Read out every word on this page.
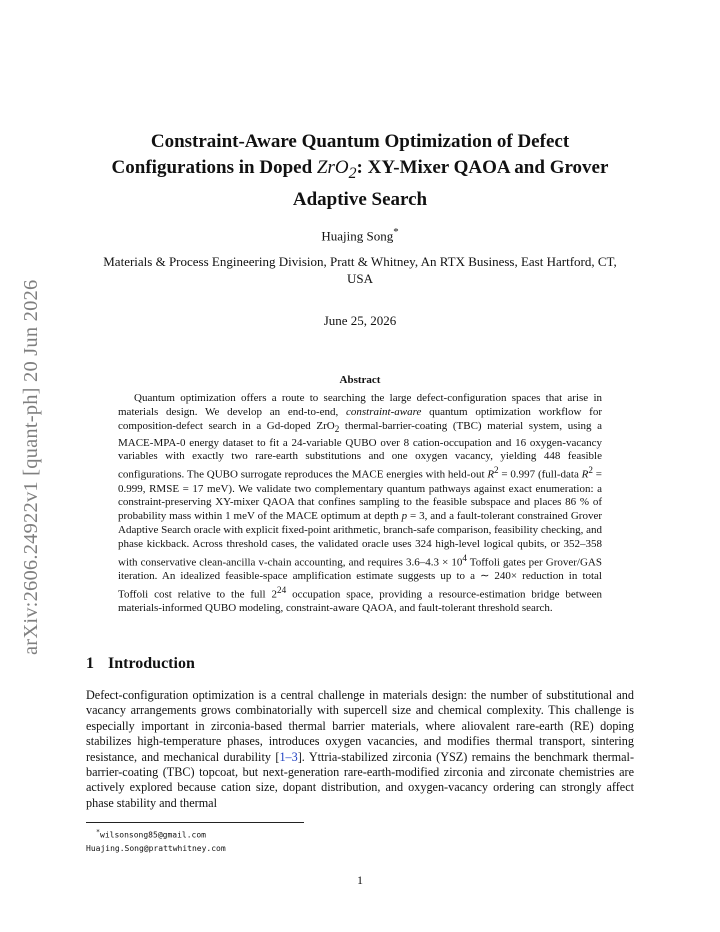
arXiv:2606.24922v1 [quant-ph] 20 Jun 2026
Constraint-Aware Quantum Optimization of Defect Configurations in Doped ZrO$_2$: XY-Mixer QAOA and Grover Adaptive Search
Huajing Song*
Materials & Process Engineering Division, Pratt & Whitney, An RTX Business, East Hartford, CT, USA
June 25, 2026
Abstract

Quantum optimization offers a route to searching the large defect-configuration spaces that arise in materials design. We develop an end-to-end, constraint-aware quantum optimization workflow for composition-defect search in a Gd-doped ZrO$_2$ thermal-barrier-coating (TBC) material system, using a MACE-MPA-0 energy dataset to fit a 24-variable QUBO over 8 cation-occupation and 16 oxygen-vacancy variables with exactly two rare-earth substitutions and one oxygen vacancy, yielding 448 feasible configurations. The QUBO surrogate reproduces the MACE energies with held-out $R^2 = 0.997$ (full-data $R^2 = 0.999$, RMSE = 17 meV). We validate two complementary quantum pathways against exact enumeration: a constraint-preserving XY-mixer QAOA that confines sampling to the feasible subspace and places 86 % of probability mass within 1 meV of the MACE optimum at depth p = 3, and a fault-tolerant constrained Grover Adaptive Search oracle with explicit fixed-point arithmetic, branch-safe comparison, feasibility checking, and phase kickback. Across threshold cases, the validated oracle uses 324 high-level logical qubits, or 352–358 with conservative clean-ancilla v-chain accounting, and requires $3.6-4.3 \times 10^4$ Toffoli gates per Grover/GAS iteration. An idealized feasible-space amplification estimate suggests up to a ∼ 240× reduction in total Toffoli cost relative to the full $2^{24}$ occupation space, providing a resource-estimation bridge between materials-informed QUBO modeling, constraint-aware QAOA, and fault-tolerant threshold search.

1 Introduction

Defect-configuration optimization is a central challenge in materials design: the number of substitutional and vacancy arrangements grows combinatorially with supercell size and chemical complexity. This challenge is especially important in zirconia-based thermal barrier materials, where aliovalent rare-earth (RE) doping stabilizes high-temperature phases, introduces oxygen vacancies, and modifies thermal transport, sintering resistance, and mechanical durability [1–3]. Yttria-stabilized zirconia (YSZ) remains the benchmark thermal-barrier-coating (TBC) topcoat, but next-generation rare-earth-modified zirconia and zirconate chemistries are actively explored because cation size, dopant distribution, and oxygen-vacancy ordering can strongly affect phase stability and thermal

*wilsonsong85@gmail.com
Huajing.Song@prattwhitney.com
1
